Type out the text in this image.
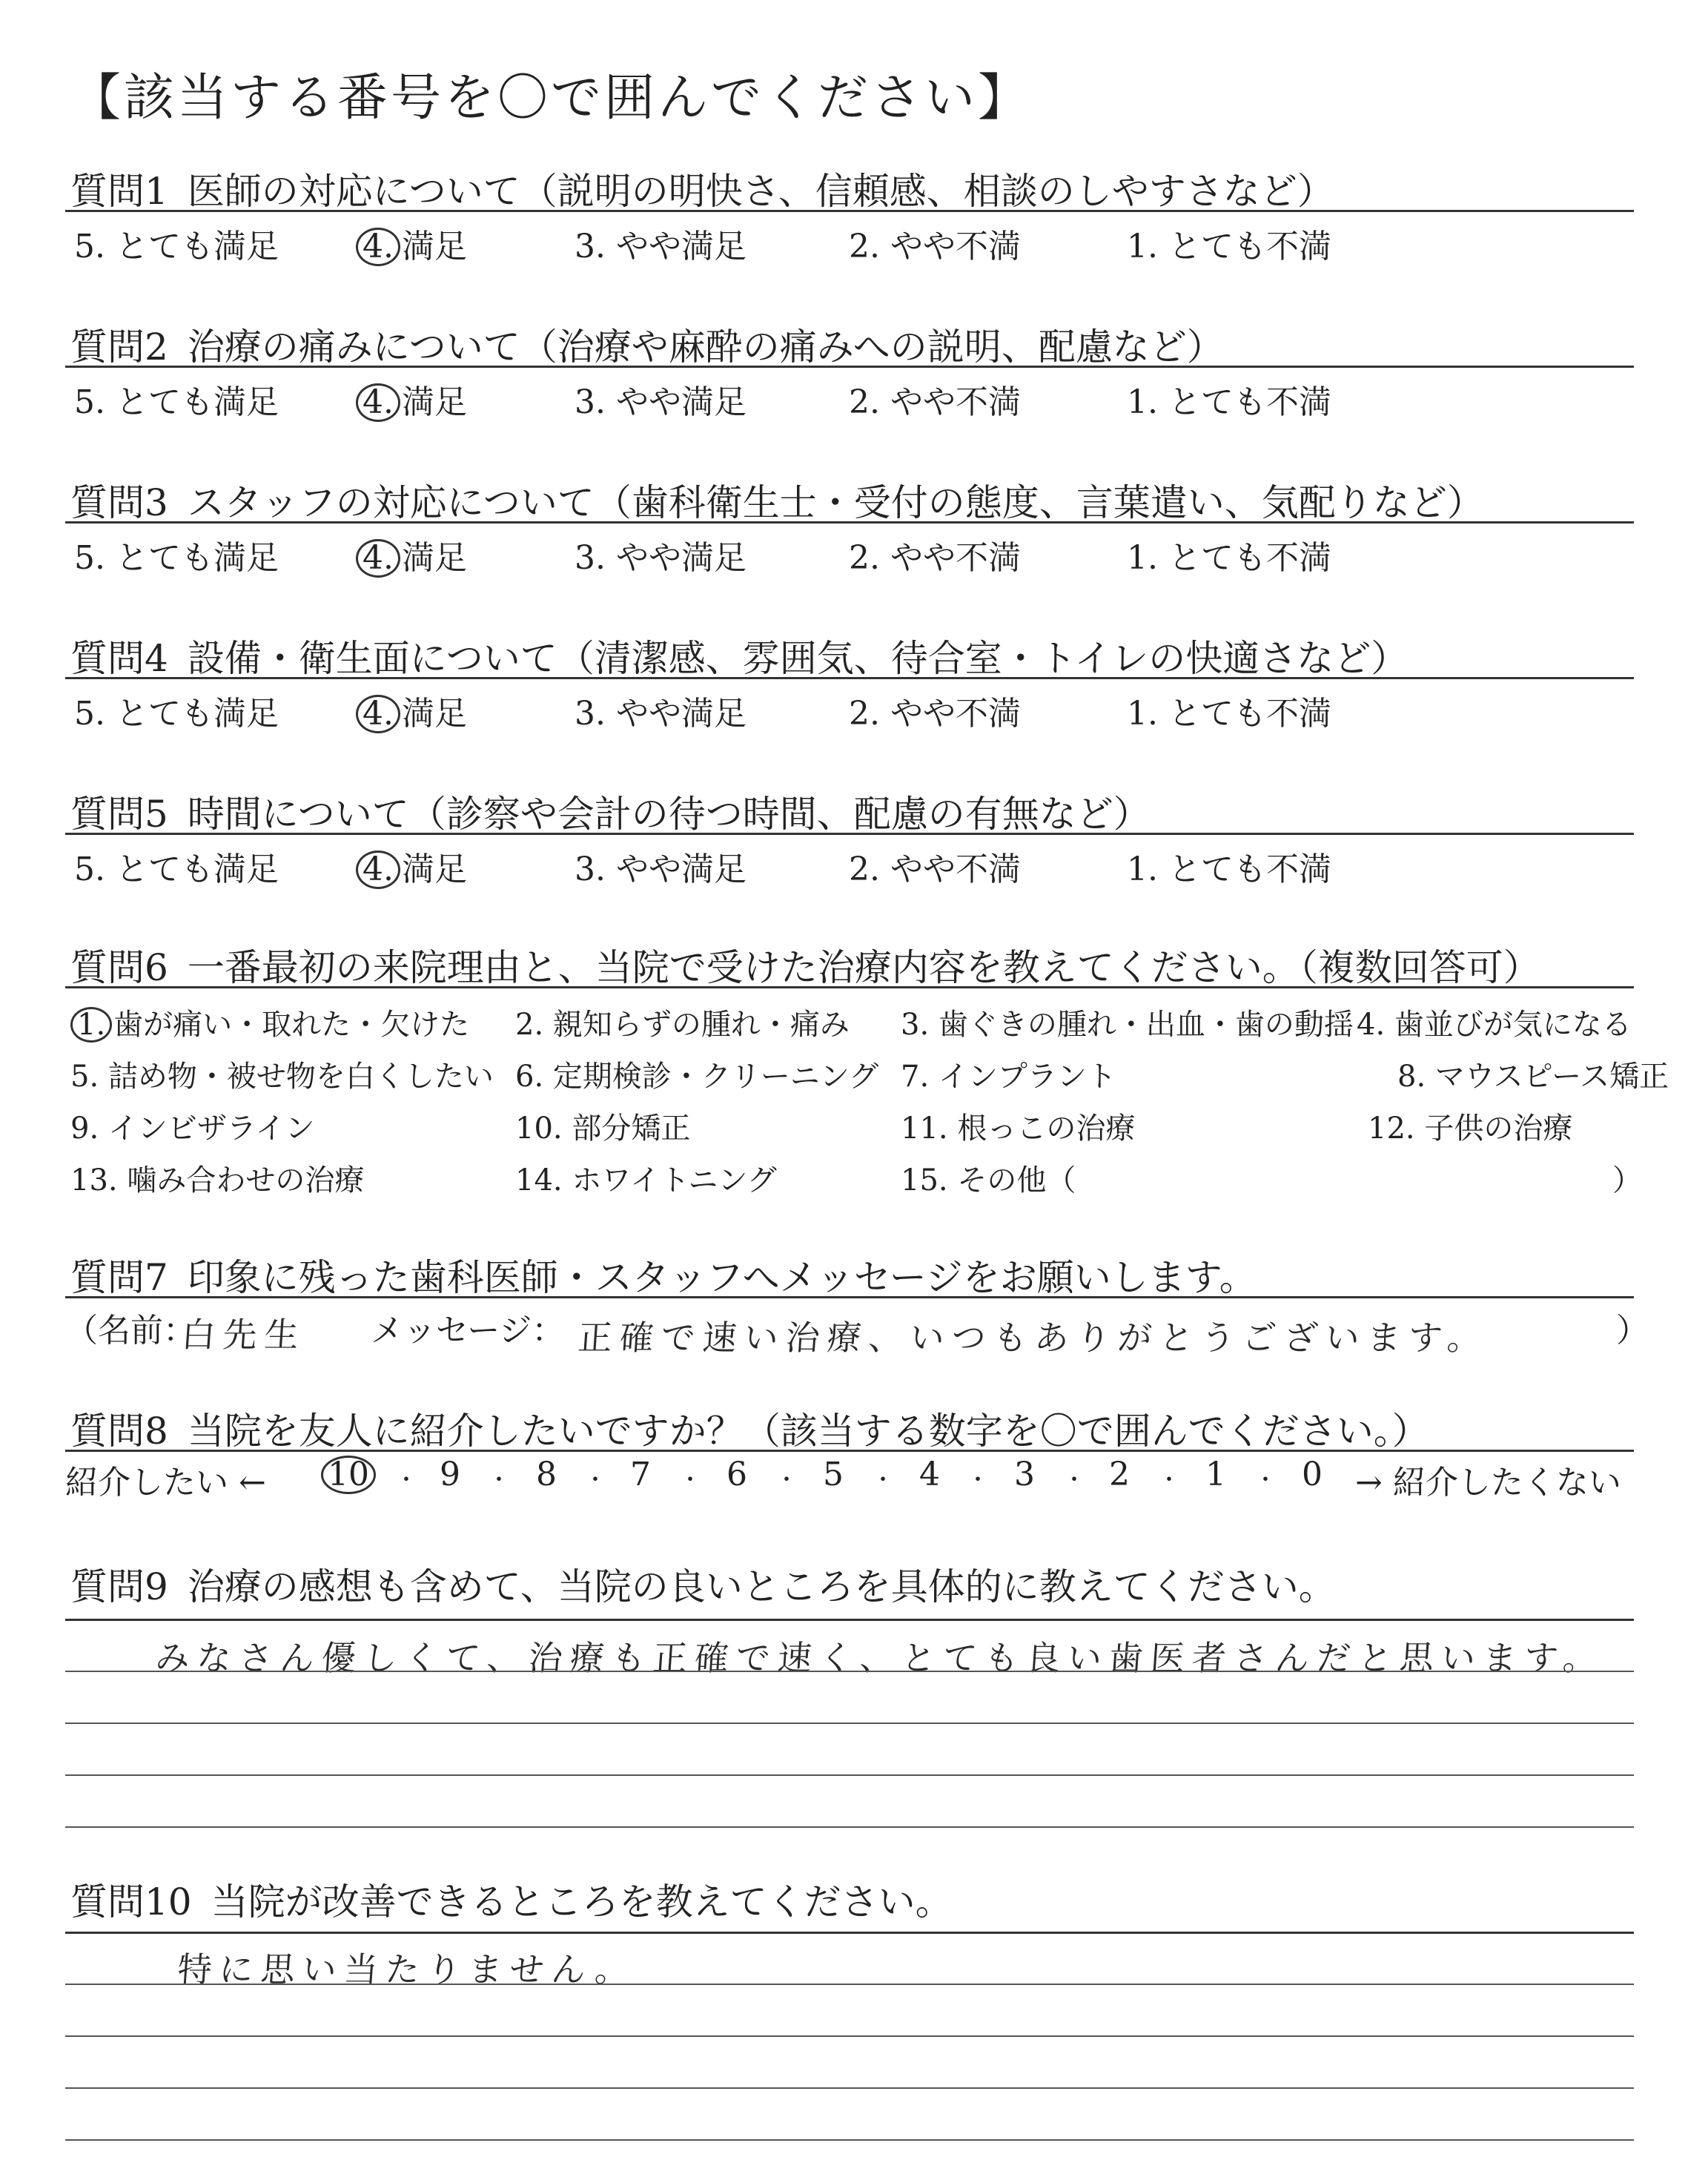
【該当する番号を〇で囲んでください】
質問1 医師の対応について（説明の明快さ、信頼感、相談のしやすさなど）
5. とても満足	4. 満足	3. やや満足	2. やや不満	1. とても不満
質問2 治療の痛みについて（治療や麻酔の痛みへの説明、配慮など）
5. とても満足	4. 満足	3. やや満足	2. やや不満	1. とても不満
質問3 スタッフの対応について（歯科衛生士・受付の態度、言葉遣い、気配りなど）
5. とても満足	4. 満足	3. やや満足	2. やや不満	1. とても不満
質問4 設備・衛生面について（清潔感、雰囲気、待合室・トイレの快適さなど）
5. とても満足	4. 満足	3. やや満足	2. やや不満	1. とても不満
質問5 時間について（診察や会計の待つ時間、配慮の有無など）
5. とても満足	4. 満足	3. やや満足	2. やや不満	1. とても不満
質問6 一番最初の来院理由と、当院で受けた治療内容を教えてください。（複数回答可）
1. 歯が痛い・取れた・欠けた 2. 親知らずの腫れ・痛み 3. 歯ぐきの腫れ・出血・歯の動揺 4. 歯並びが気になる
5. 詰め物・被せ物を白くしたい 6. 定期検診・クリーニング 7. インプラント	8. マウスピース矯正
9. インビザライン	10. 部分矯正	11. 根っこの治療	12. 子供の治療
13. 噛み合わせの治療	14. ホワイトニング	15. その他（	）
質問7 印象に残った歯科医師・スタッフへメッセージをお願いします。
（名前：
白先生 メッセージ： 正確で速い治療、いつもありがとうございます。	）
質問8 当院を友人に紹介したいですか？（該当する数字を〇で囲んでください。）
紹介したい ← 10	・ 9 ・ 8 ・ 7 ・ 6 ・ 5 ・ 4 ・ 3 ・ 2 ・ 1 ・ 0 → 紹介したくない
質問9 治療の感想も含めて、当院の良いところを具体的に教えてください。
みなさん優しくて、治療も正確で速く、とても良い歯医者さんだと思います。
質問10 当院が改善できるところを教えてください。
特に思い当たりません。
